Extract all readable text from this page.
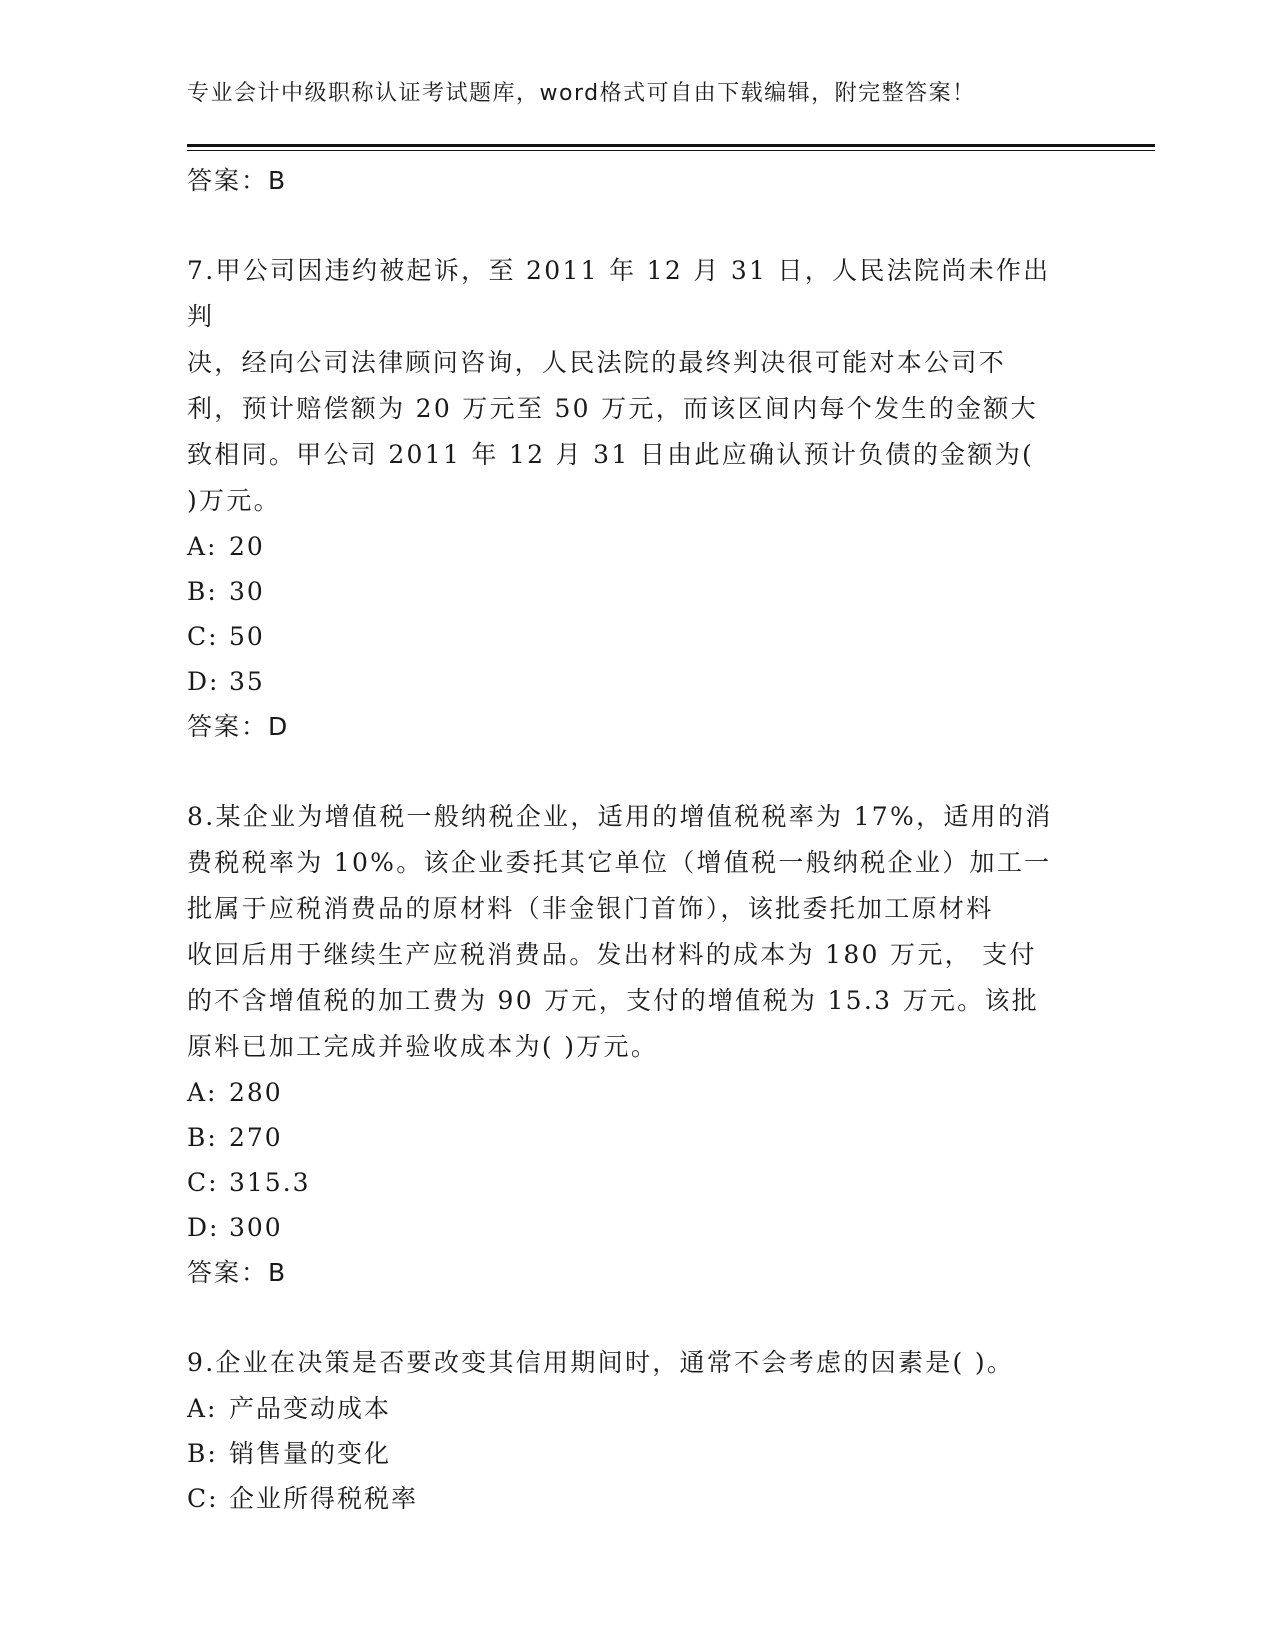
专业会计中级职称认证考试题库，word格式可自由下载编辑，附完整答案！
答案：B
7.甲公司因违约被起诉，至 2011 年 12 月 31 日，人民法院尚未作出判
决，经向公司法律顾问咨询，人民法院的最终判决很可能对本公司不
利，预计赔偿额为 20 万元至 50 万元，而该区间内每个发生的金额大
致相同。甲公司 2011 年 12 月 31 日由此应确认预计负债的金额为(
)万元。
A: 20
B: 30
C: 50
D: 35
答案：D
8.某企业为增值税一般纳税企业，适用的增值税税率为 17%，适用的消
费税税率为 10%。该企业委托其它单位（增值税一般纳税企业）加工一
批属于应税消费品的原材料（非金银门首饰），该批委托加工原材料
收回后用于继续生产应税消费品。发出材料的成本为 180 万元， 支付
的不含增值税的加工费为 90 万元，支付的增值税为 15.3 万元。该批
原料已加工完成并验收成本为( )万元。
A: 280
B: 270
C: 315.3
D: 300
答案：B
9.企业在决策是否要改变其信用期间时，通常不会考虑的因素是( )。
A: 产品变动成本
B: 销售量的变化
C: 企业所得税税率
